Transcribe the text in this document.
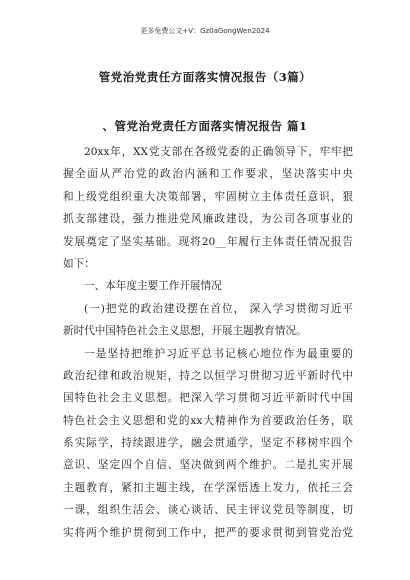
更多免费公文+V：Gz0aGongWen2024
管党治党责任方面落实情况报告（3篇）
、管党治党责任方面落实情况报告 篇1
20xx年，XX党支部在各级党委的正确领导下，牢牢把
握全面从严治党的政治内涵和工作要求，坚决落实中央
和上级党组织重大决策部署，牢固树立主体责任意识，狠
抓支部建设，强力推进党风廉政建设，为公司各项事业的
发展奠定了坚实基础。现将20__年履行主体责任情况报告
如下：
一、本年度主要工作开展情况
(一)把党的政治建设摆在首位， 深入学习贯彻习近平
新时代中国特色社会主义思想，开展主题教育情况。
一是坚持把维护习近平总书记核心地位作为最重要的
政治纪律和政治规矩，持之以恒学习贯彻习近平新时代中
国特色社会主义思想。把深入学习贯彻习近平新时代中国
特色社会主义思想和党的xx大精神作为首要政治任务，联
系实际学，持续跟进学，融会贯通学，坚定不移树牢四个
意识、坚定四个自信、坚决做到两个维护。二是扎实开展
主题教育，紧扣主题主线，在学深悟透上发力，依托三会
一课，组织生活会、谈心谈话、民主评议党员等制度，切
实将两个维护贯彻到工作中，把严的要求贯彻到管党治党
